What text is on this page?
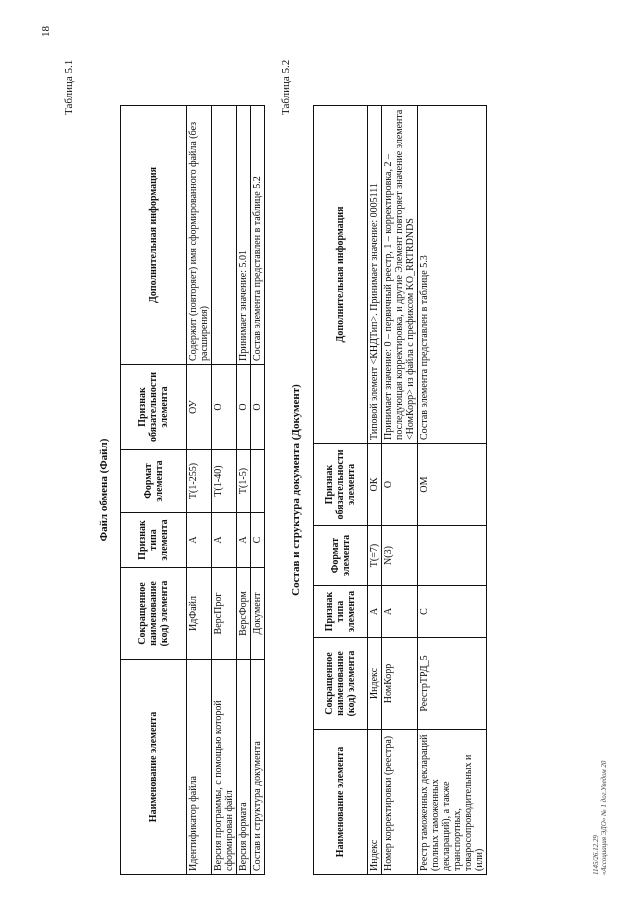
18
Таблица 5.1
Файл обмена (Файл)
Наименование элемента	Сокращенное наименование (код) элемента	Признак типа элемента	Формат элемента	Признак обязательности элемента	Дополнительная информация
Идентификатор файла	ИдФайл	А	Т(1-255)	ОУ	Содержит (повторяет) имя сформированного файла (без расширения)
Версия программы, с помощью которой сформирован файл	ВерсПрог	А	Т(1-40)	О	
Версия формата	ВерсФорм	А	Т(1-5)	О	Принимает значение: 5.01
Состав и структура документа	Документ	С		О	Состав элемента представлен в таблице 5.2
Таблица 5.2
Состав и структура документа (Документ)
Наименование элемента	Сокращенное наименование (код) элемента	Признак типа элемента	Формат элемента	Признак обязательности элемента	Дополнительная информация
Индекс	Индекс	А	Т(=7)	ОК	Типовой элемент <КНДТип>. Принимает значение: 0005111
Номер корректировки (реестра)	НомКорр	А	N(3)	О	Принимает значение: 0 – первичный реестр, 1 – корректировка, 2 – последующая корректировка, и другие Элемент повторяет значение элемента <НомКорр> из файла с префиксом KO_RRTRDNDS
Реестр таможенных деклараций (полных таможенных деклараций), а также транспортных, товаросопроводительных и (или)	РеестрТРД_5	С		ОМ	Состав элемента представлен в таблице 5.3
1145/26.12.29 «Ассоциация ЭДО» № 1 дог.Уведом 20
